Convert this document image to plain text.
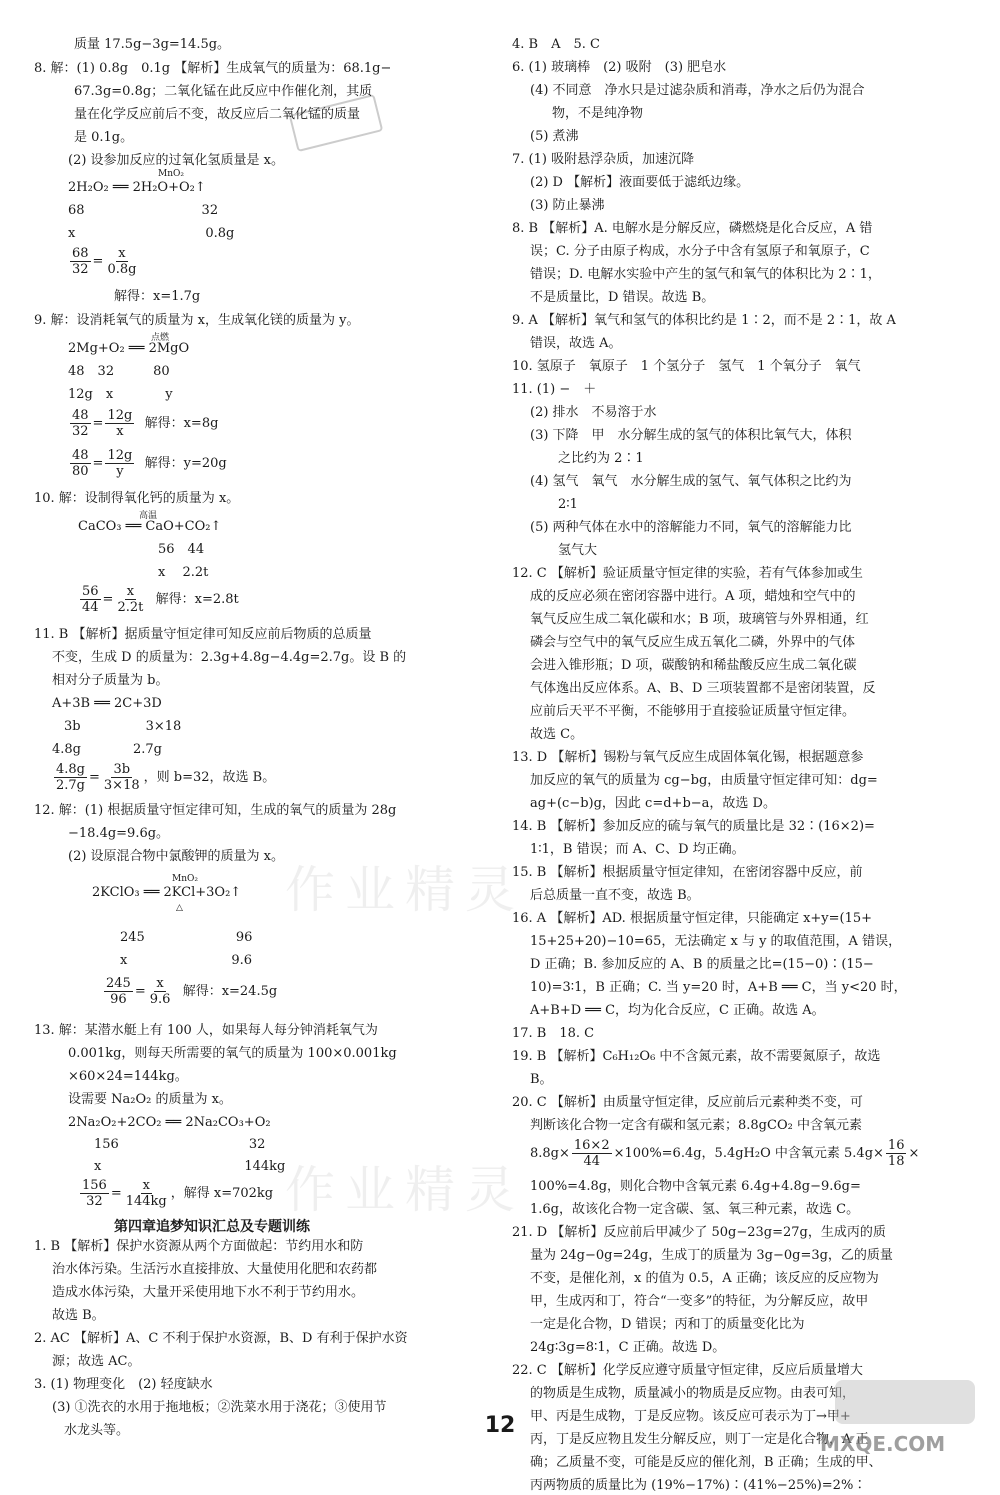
作业精灵
作业精灵
质量 17.5g−3g=14.5g。
8. 解：(1) 0.8g　0.1g 【解析】生成氧气的质量为：68.1g−
67.3g=0.8g；二氧化锰在此反应中作催化剂，其质
量在化学反应前后不变，故反应后二氧化锰的质量
是 0.1g。
(2) 设参加反应的过氧化氢质量是 x。
MnO₂
2H₂O₂ ══ 2H₂O+O₂↑
68　　　　　　　　　32
x　　　　　　　　　　0.8g
$\frac{68}{32} = \frac{x}{0.8g}$
解得：x=1.7g
9. 解：设消耗氧气的质量为 x，生成氧化镁的质量为 y。
点燃
2Mg+O₂ ══ 2MgO
48　32　　　80
12g　x　　　　y
$\frac{48}{32} = \frac{12g}{x}$ 解得：x=8g
$\frac{48}{80} = \frac{12g}{y}$ 解得：y=20g
10. 解：设制得氧化钙的质量为 x。
高温
CaCO₃ ══ CaO+CO₂↑
56　44
x　 2.2t
$\frac{56}{44} = \frac{x}{2.2t}$ 解得：x=2.8t
11. B 【解析】据质量守恒定律可知反应前后物质的总质量
不变，生成 D 的质量为：2.3g+4.8g−4.4g=2.7g。设 B 的
相对分子质量为 b。
A+3B ══ 2C+3D
3b　　　　　3×18
4.8g　　　　2.7g
$\frac{4.8g}{2.7g} = \frac{3b}{3\times 18}$ ，则 b=32，故选 B。
12. 解：(1) 根据质量守恒定律可知，生成的氧气的质量为 28g
−18.4g=9.6g。
(2) 设原混合物中氯酸钾的质量为 x。
MnO₂
2KClO₃ ══ 2KCl+3O₂↑
△
245　　　　　　　96
x　　　　　　　　9.6
$\frac{245}{96} = \frac{x}{9.6}$ 解得：x=24.5g
13. 解：某潜水艇上有 100 人，如果每人每分钟消耗氧气为
0.001kg，则每天所需要的氧气的质量为 100×0.001kg
×60×24=144kg。
设需要 Na₂O₂ 的质量为 x。
2Na₂O₂+2CO₂ ══ 2Na₂CO₃+O₂
156　　　　　　　　　　32
x　　　　　　　　　　　144kg
$\frac{156}{32} = \frac{x}{144kg}$ ，解得 x=702kg
第四章追梦知识汇总及专题训练
1. B 【解析】保护水资源从两个方面做起：节约用水和防
治水体污染。生活污水直接排放、大量使用化肥和农药都
造成水体污染，大量开采使用地下水不利于节约用水。
故选 B。
2. AC 【解析】A、C 不利于保护水资源，B、D 有利于保护水资
源；故选 AC。
3. (1) 物理变化　(2) 轻度缺水
(3) ①洗衣的水用于拖地板；②洗菜水用于浇花；③使用节
水龙头等。
4. B　A　5. C
6. (1) 玻璃棒　(2) 吸附　(3) 肥皂水
(4) 不同意　净水只是过滤杂质和消毒，净水之后仍为混合
物，不是纯净物
(5) 煮沸
7. (1) 吸附悬浮杂质，加速沉降
(2) D 【解析】液面要低于滤纸边缘。
(3) 防止暴沸
8. B 【解析】A. 电解水是分解反应，磷燃烧是化合反应，A 错
误；C. 分子由原子构成，水分子中含有氢原子和氧原子，C
错误；D. 电解水实验中产生的氢气和氧气的体积比为 2∶1，
不是质量比，D 错误。故选 B。
9. A 【解析】氧气和氢气的体积比约是 1∶2，而不是 2∶1，故 A
错误，故选 A。
10. 氢原子　氧原子　1 个氢分子　氢气　1 个氧分子　氧气
11. (1) −　＋
(2) 排水　不易溶于水
(3) 下降　甲　水分解生成的氢气的体积比氧气大，体积
之比约为 2∶1
(4) 氢气　氧气　水分解生成的氢气、氧气体积之比约为
2∶1
(5) 两种气体在水中的溶解能力不同，氧气的溶解能力比
氢气大
12. C 【解析】验证质量守恒定律的实验，若有气体参加或生
成的反应必须在密闭容器中进行。A 项，蜡烛和空气中的
氧气反应生成二氧化碳和水；B 项，玻璃管与外界相通，红
磷会与空气中的氧气反应生成五氧化二磷，外界中的气体
会进入锥形瓶；D 项，碳酸钠和稀盐酸反应生成二氧化碳
气体逸出反应体系。A、B、D 三项装置都不是密闭装置，反
应前后天平不平衡，不能够用于直接验证质量守恒定律。
故选 C。
13. D 【解析】锡粉与氧气反应生成固体氧化锡，根据题意参
加反应的氧气的质量为 cg−bg，由质量守恒定律可知：dg=
ag+(c−b)g，因此 c=d+b−a，故选 D。
14. B 【解析】参加反应的硫与氧气的质量比是 32∶(16×2)=
1∶1，B 错误；而 A、C、D 均正确。
15. B 【解析】根据质量守恒定律知，在密闭容器中反应，前
后总质量一直不变，故选 B。
16. A 【解析】AD. 根据质量守恒定律，只能确定 x+y=(15+
15+25+20)−10=65，无法确定 x 与 y 的取值范围，A 错误，
D 正确；B. 参加反应的 A、B 的质量之比=(15−0)∶(15−
10)=3∶1，B 正确；C. 当 y=20 时，A+B ══ C，当 y<20 时，
A+B+D ══ C，均为化合反应，C 正确。故选 A。
17. B　18. C
19. B 【解析】C₆H₁₂O₆ 中不含氮元素，故不需要氮原子，故选
B。
20. C 【解析】由质量守恒定律，反应前后元素种类不变，可
判断该化合物一定含有碳和氢元素；8.8gCO₂ 中含氧元素
$8.8g\times \frac{16\times 2}{44} \times 100\%=6.4g$，5.4gH₂O 中含氧元素 $5.4g\times \frac{16}{18}$ ×
100%=4.8g，则化合物中含氧元素 6.4g+4.8g−9.6g=
1.6g，故该化合物一定含碳、氢、氧三种元素，故选 C。
21. D 【解析】反应前后甲减少了 50g−23g=27g，生成丙的质
量为 24g−0g=24g，生成丁的质量为 3g−0g=3g，乙的质量
不变，是催化剂，x 的值为 0.5，A 正确；该反应的反应物为
甲，生成丙和丁，符合“一变多”的特征，为分解反应，故甲
一定是化合物，D 错误；丙和丁的质量变化比为
24g∶3g=8∶1，C 正确。故选 D。
22. C 【解析】化学反应遵守质量守恒定律，反应后质量增大
的物质是生成物，质量减小的物质是反应物。由表可知，
甲、丙是生成物，丁是反应物。该反应可表示为丁→甲+
丙，丁是反应物且发生分解反应，则丁一定是化合物，A 正
确；乙质量不变，可能是反应的催化剂，B 正确；生成的甲、
丙两物质的质量比为 (19%−17%)∶(41%−25%)=2%∶
12
MXQE.COM
